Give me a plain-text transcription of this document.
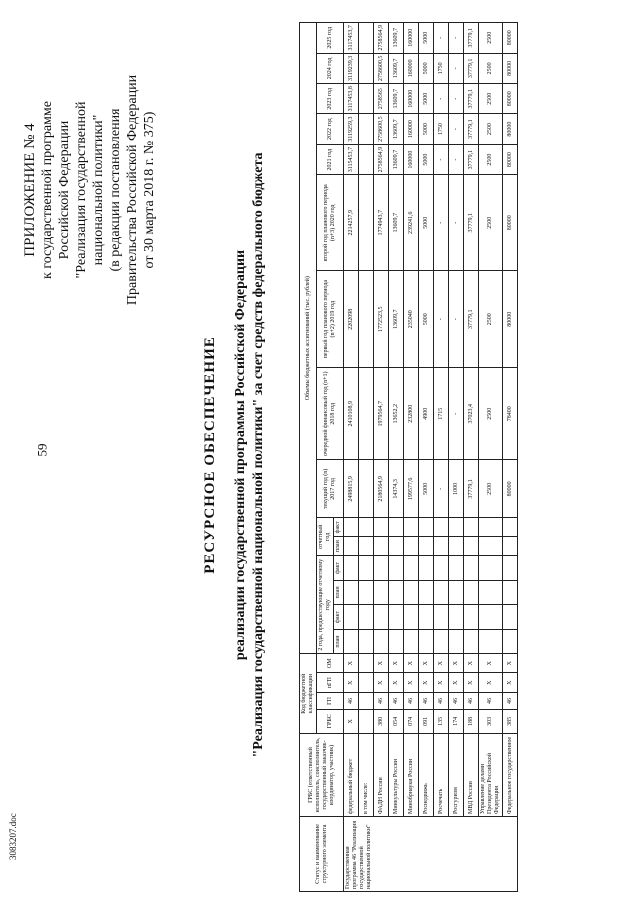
59
3083207.doc
ПРИЛОЖЕНИЕ № 4 к государственной программе Российской Федерации "Реализация государственной национальной политики" (в редакции постановления Правительства Российской Федерации от 30 марта 2018 г. № 375)
РЕСУРСНОЕ ОБЕСПЕЧЕНИЕ реализации государственной программы Российской Федерации "Реализация государственной национальной политики" за счет средств федерального бюджета
Статус и наименование структурного элемента	ГРБС (ответственный исполнитель, соисполнитель, государственный заказчик-координатор, участник)	Код бюджетной классификации				Объемы бюджетных ассигнований (тыс. рублей)														
		ГРБС	ГП	пГП	ОМ	2 года, предшествующие отчетному году				отчетный год		текущий год (n) 2017 год	очередной финансовый год (n+1) 2018 год	первый год планового периода (n+2) 2019 год	второй год планового периода (n+3) 2020 год	2021 год	2022 год	2023 год	2024 год	2025 год
						план	факт	план	факт	план	факт									
Государственная программа 46 "Реализация государственной национальной политики"	федеральный бюджет	X	46	X	X							2498815,9	2410108,9	2202098	2214257,9	3115453,7	3119259,3	3117453,8	3119239,3	3117453,7
	в том числе:																			
	ФАДН России	380	46	X	X							2180564,9	1979564,7	1772523,5	1774943,7	2758564,9	2758600,5	2758565	2758600,5	2758564,9
	Минкультуры России	054	46	X	X							14374,3	13652,2	13609,7	13609,7	13609,7	13609,7	13609,7	13609,7	13609,7
	Минобрнауки России	074	46	X	X							199577,6	232800	235040	239241,6	160000	160000	160000	160000	160000
	Роснедвижь	091	46	X	X							5000	4900	5000	5000	5000	5000	5000	5000	5000
	Росчечать	135	46	X	X							-	1715	-	-	-	1750	-	1750	-
	Росгуризм	174	46	X	X							1000	-	-	-	-	-	-	-	-
	МВД России	188	46	X	X							37779,1	37023,4	37779,1	37779,1	37779,1	37779,1	37779,1	37779,1	37779,1
	Управление делами Президента Российской Федерации	303	46	X	X							2500	2500	2500	2500	2500	2500	2500	2500	2500
	Федеральное государственное	385	46	X	X							80000	78400	80000	80000	80000	80000	80000	80000	80000
